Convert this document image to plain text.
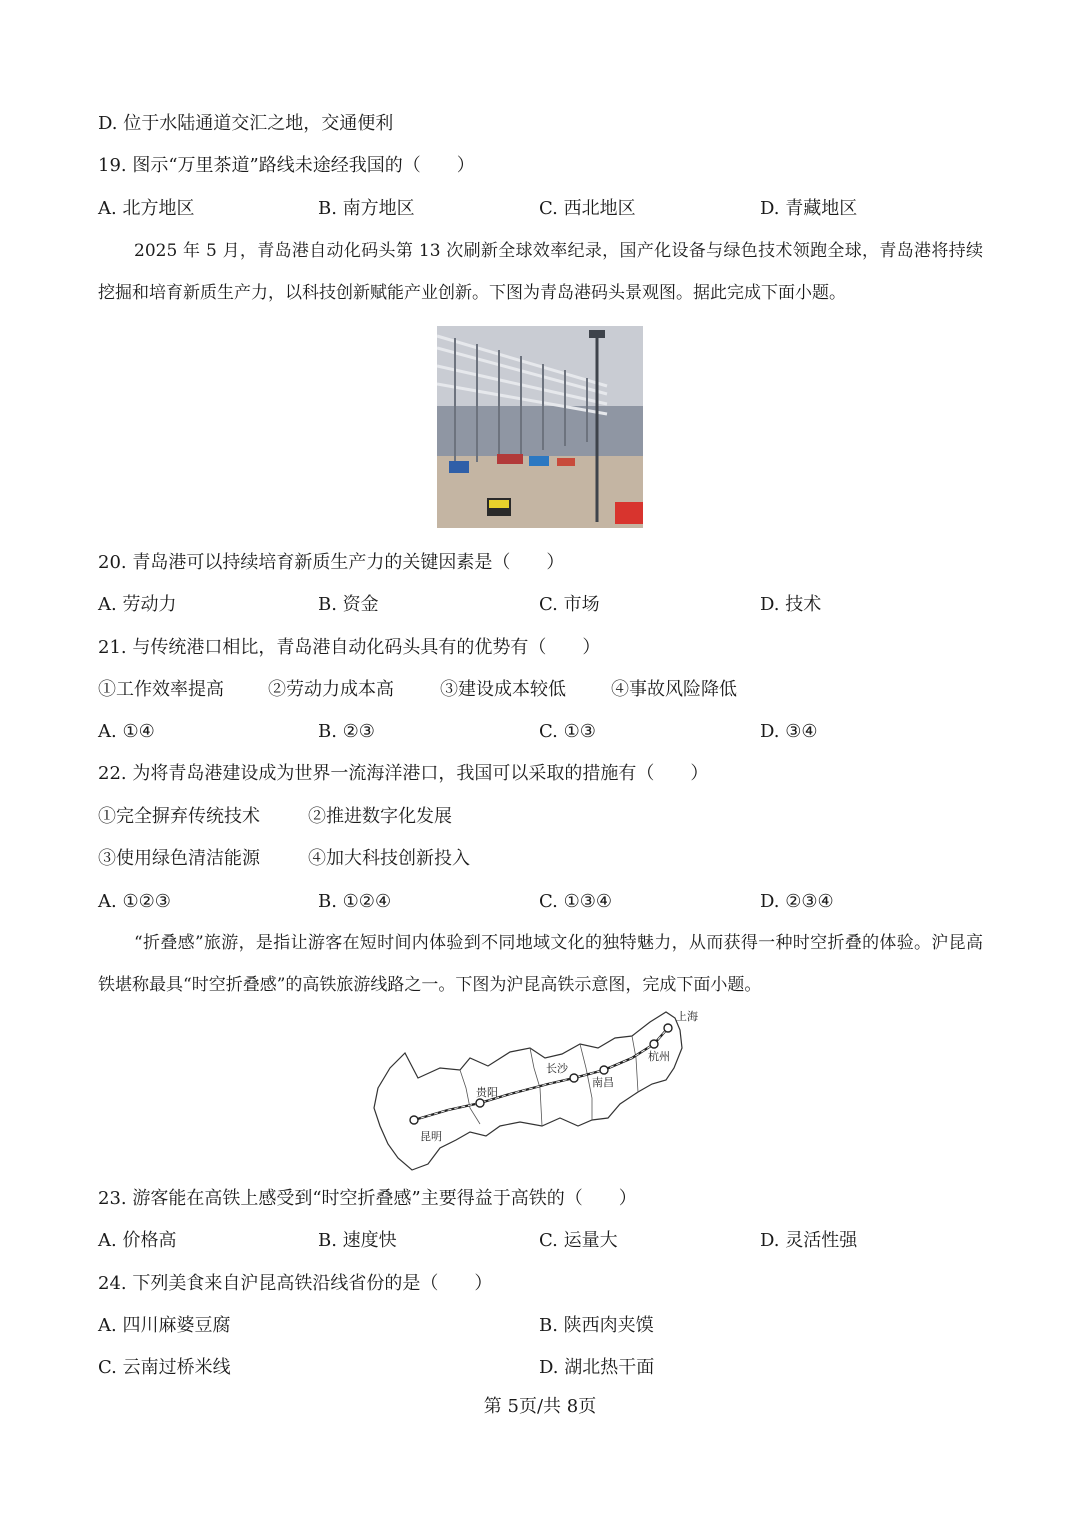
D. 位于水陆通道交汇之地，交通便利
19. 图示“万里茶道”路线未途经我国的（　　）
A. 北方地区	B. 南方地区	C. 西北地区	D. 青藏地区
2025 年 5 月，青岛港自动化码头第 13 次刷新全球效率纪录，国产化设备与绿色技术领跑全球，青岛港将持续挖掘和培育新质生产力，以科技创新赋能产业创新。下图为青岛港码头景观图。据此完成下面小题。
20. 青岛港可以持续培育新质生产力的关键因素是（　　）
A. 劳动力	B. 资金	C. 市场	D. 技术
21. 与传统港口相比，青岛港自动化码头具有的优势有（　　）
①工作效率提高 ②劳动力成本高	③建设成本较低	④事故风险降低
A. ①④	B. ②③	C. ①③	D. ③④
22. 为将青岛港建设成为世界一流海洋港口，我国可以采取的措施有（　　）
①完全摒弃传统技术	②推进数字化发展
③使用绿色清洁能源	④加大科技创新投入
A. ①②③	B. ①②④	C. ①③④	D. ②③④
“折叠感”旅游，是指让游客在短时间内体验到不同地域文化的独特魅力，从而获得一种时空折叠的体验。沪昆高铁堪称最具“时空折叠感”的高铁旅游线路之一。下图为沪昆高铁示意图，完成下面小题。
上海
杭州
南昌
长沙
贵阳
昆明
23. 游客能在高铁上感受到“时空折叠感”主要得益于高铁的（　　）
A. 价格高	B. 速度快	C. 运量大	D. 灵活性强
24. 下列美食来自沪昆高铁沿线省份的是（　　）
A. 四川麻婆豆腐	B. 陕西肉夹馍
C. 云南过桥米线	D. 湖北热干面
第 5页/共 8页
